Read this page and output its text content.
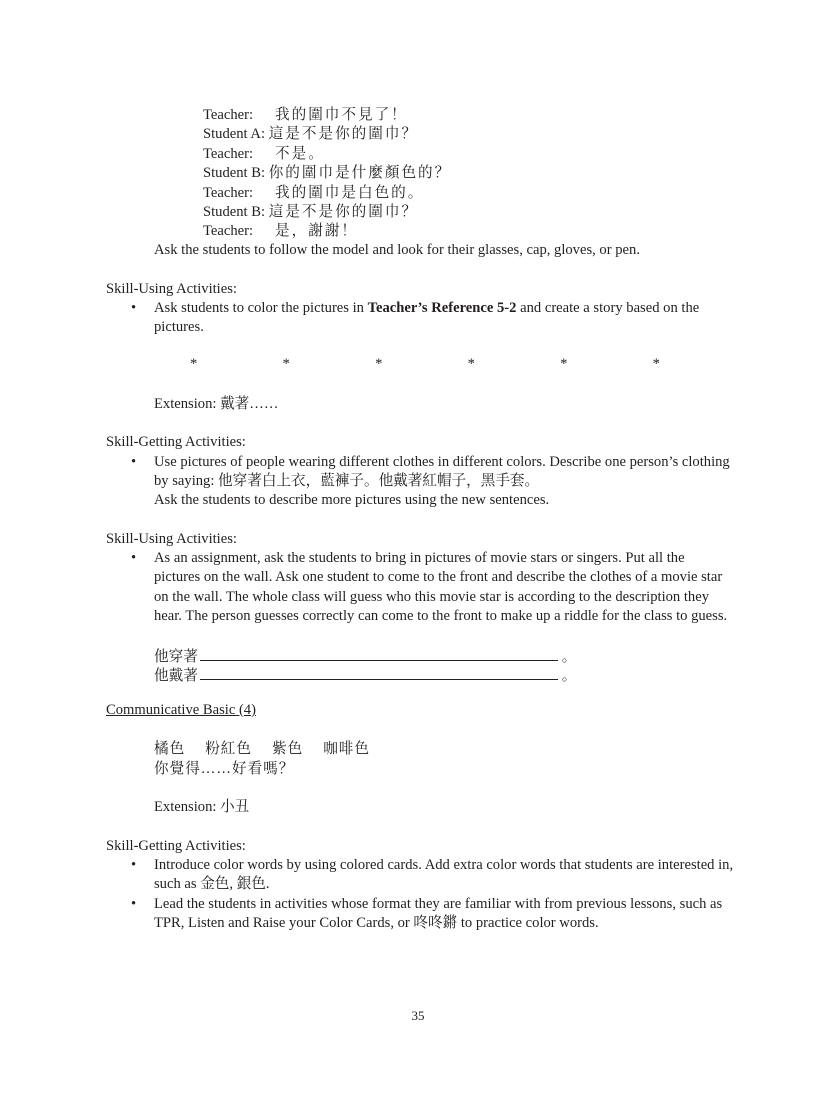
Teacher: 我的圍巾不見了！
Student A: 這是不是你的圍巾？
Teacher: 不是。
Student B: 你的圍巾是什麼顏色的？
Teacher: 我的圍巾是白色的。
Student B: 這是不是你的圍巾？
Teacher: 是，謝謝！
Ask the students to follow the model and look for their glasses, cap, gloves, or pen.
Skill-Using Activities:
• Ask students to color the pictures in Teacher’s Reference 5-2 and create a story based on the pictures.
*	*	*	*	*	*
Extension: 戴著……
Skill-Getting Activities:
• Use pictures of people wearing different clothes in different colors. Describe one person’s clothing by saying: 他穿著白上衣，藍褲子。他戴著紅帽子，黑手套。
Ask the students to describe more pictures using the new sentences.
Skill-Using Activities:
• As an assignment, ask the students to bring in pictures of movie stars or singers. Put all the pictures on the wall. Ask one student to come to the front and describe the clothes of a movie star on the wall. The whole class will guess who this movie star is according to the description they hear. The person guesses correctly can come to the front to make up a riddle for the class to guess.
他穿著	。
他戴著	。
Communicative Basic (4)
橘色 粉紅色 紫色 咖啡色
你覺得……好看嗎？
Extension: 小丑
Skill-Getting Activities:
• Introduce color words by using colored cards. Add extra color words that students are interested in, such as 金色, 銀色.
• Lead the students in activities whose format they are familiar with from previous lessons, such as TPR, Listen and Raise your Color Cards, or 咚咚鏘 to practice color words.
35
